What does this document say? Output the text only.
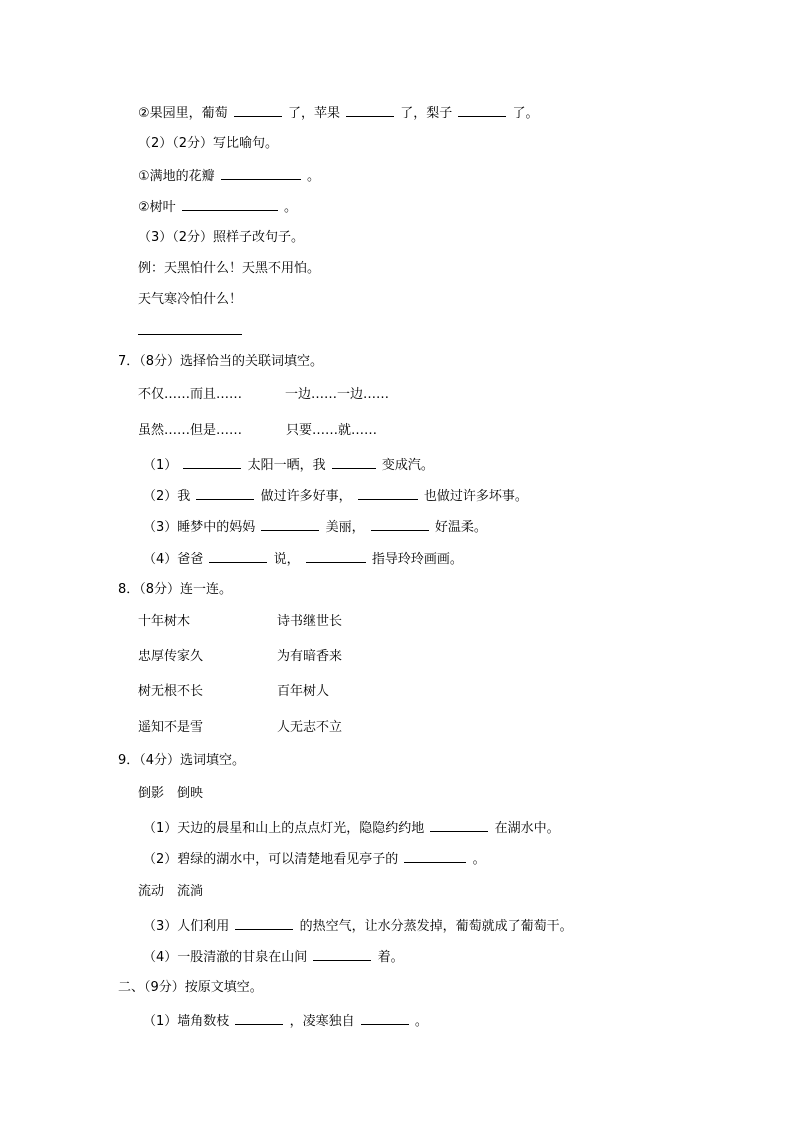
②果园里，葡萄	了，苹果	了，梨子	了。
（2）（2分）写比喻句。
①满地的花瓣	。
②树叶	。
（3）（2分）照样子改句子。
例：天黑怕什么！天黑不用怕。
天气寒冷怕什么！
7．（8分）选择恰当的关联词填空。
不仅……而且……	一边……一边……
虽然……但是……	只要……就……
（1）	太阳一晒，我	变成汽。
（2）我	做过许多好事，	也做过许多坏事。
（3）睡梦中的妈妈	美丽，	好温柔。
（4）爸爸	说，	指导玲玲画画。
8．（8分）连一连。
十年树木	诗书继世长
忠厚传家久	为有暗香来
树无根不长	百年树人
遥知不是雪	人无志不立
9．（4分）选词填空。
倒影　倒映
（1）天边的晨星和山上的点点灯光，隐隐约约地	在湖水中。
（2）碧绿的湖水中，可以清楚地看见亭子的	。
流动　流淌
（3）人们利用	的热空气，让水分蒸发掉，葡萄就成了葡萄干。
（4）一股清澈的甘泉在山间	着。
二、（9分）按原文填空。
（1）墙角数枝	，凌寒独自	。
